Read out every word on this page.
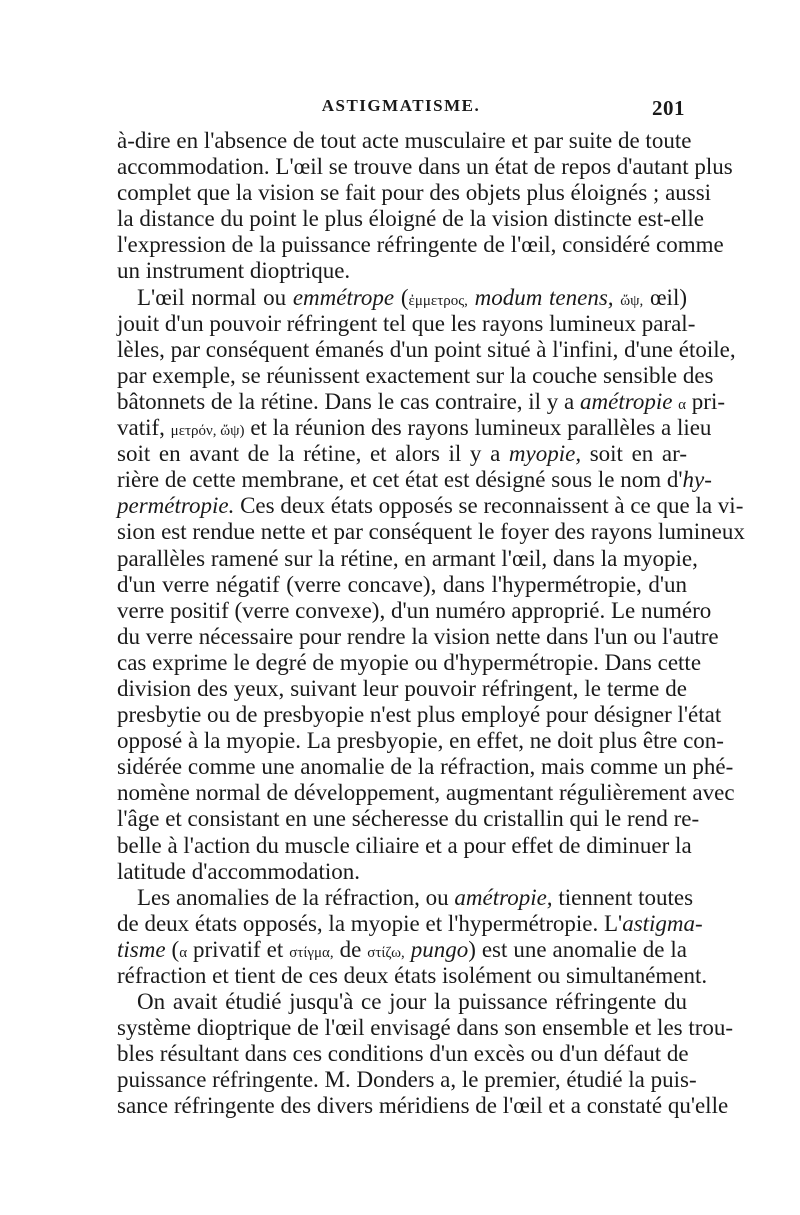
ASTIGMATISME.	201
à-dire en l'absence de tout acte musculaire et par suite de toute
accommodation. L'œil se trouve dans un état de repos d'autant plus
complet que la vision se fait pour des objets plus éloignés ; aussi
la distance du point le plus éloigné de la vision distincte est-elle
l'expression de la puissance réfringente de l'œil, considéré comme
un instrument dioptrique.
L'œil normal ou emmétrope (ἐμμετρος, modum tenens, ὤψ, œil)
jouit d'un pouvoir réfringent tel que les rayons lumineux paral-
lèles, par conséquent émanés d'un point situé à l'infini, d'une étoile,
par exemple, se réunissent exactement sur la couche sensible des
bâtonnets de la rétine. Dans le cas contraire, il y a amétropie α pri-
vatif, μετρόν, ὤψ) et la réunion des rayons lumineux parallèles a lieu
soit en avant de la rétine, et alors il y a myopie, soit en ar-
rière de cette membrane, et cet état est désigné sous le nom d'hy-
permétropie. Ces deux états opposés se reconnaissent à ce que la vi-
sion est rendue nette et par conséquent le foyer des rayons lumineux
parallèles ramené sur la rétine, en armant l'œil, dans la myopie,
d'un verre négatif (verre concave), dans l'hypermétropie, d'un
verre positif (verre convexe), d'un numéro approprié. Le numéro
du verre nécessaire pour rendre la vision nette dans l'un ou l'autre
cas exprime le degré de myopie ou d'hypermétropie. Dans cette
division des yeux, suivant leur pouvoir réfringent, le terme de
presbytie ou de presbyopie n'est plus employé pour désigner l'état
opposé à la myopie. La presbyopie, en effet, ne doit plus être con-
sidérée comme une anomalie de la réfraction, mais comme un phé-
nomène normal de développement, augmentant régulièrement avec
l'âge et consistant en une sécheresse du cristallin qui le rend re-
belle à l'action du muscle ciliaire et a pour effet de diminuer la
latitude d'accommodation.
Les anomalies de la réfraction, ou amétropie, tiennent toutes
de deux états opposés, la myopie et l'hypermétropie. L'astigma-
tisme (α privatif et στίγμα, de στίζω, pungo) est une anomalie de la
réfraction et tient de ces deux états isolément ou simultanément.
On avait étudié jusqu'à ce jour la puissance réfringente du
système dioptrique de l'œil envisagé dans son ensemble et les trou-
bles résultant dans ces conditions d'un excès ou d'un défaut de
puissance réfringente. M. Donders a, le premier, étudié la puis-
sance réfringente des divers méridiens de l'œil et a constaté qu'elle
